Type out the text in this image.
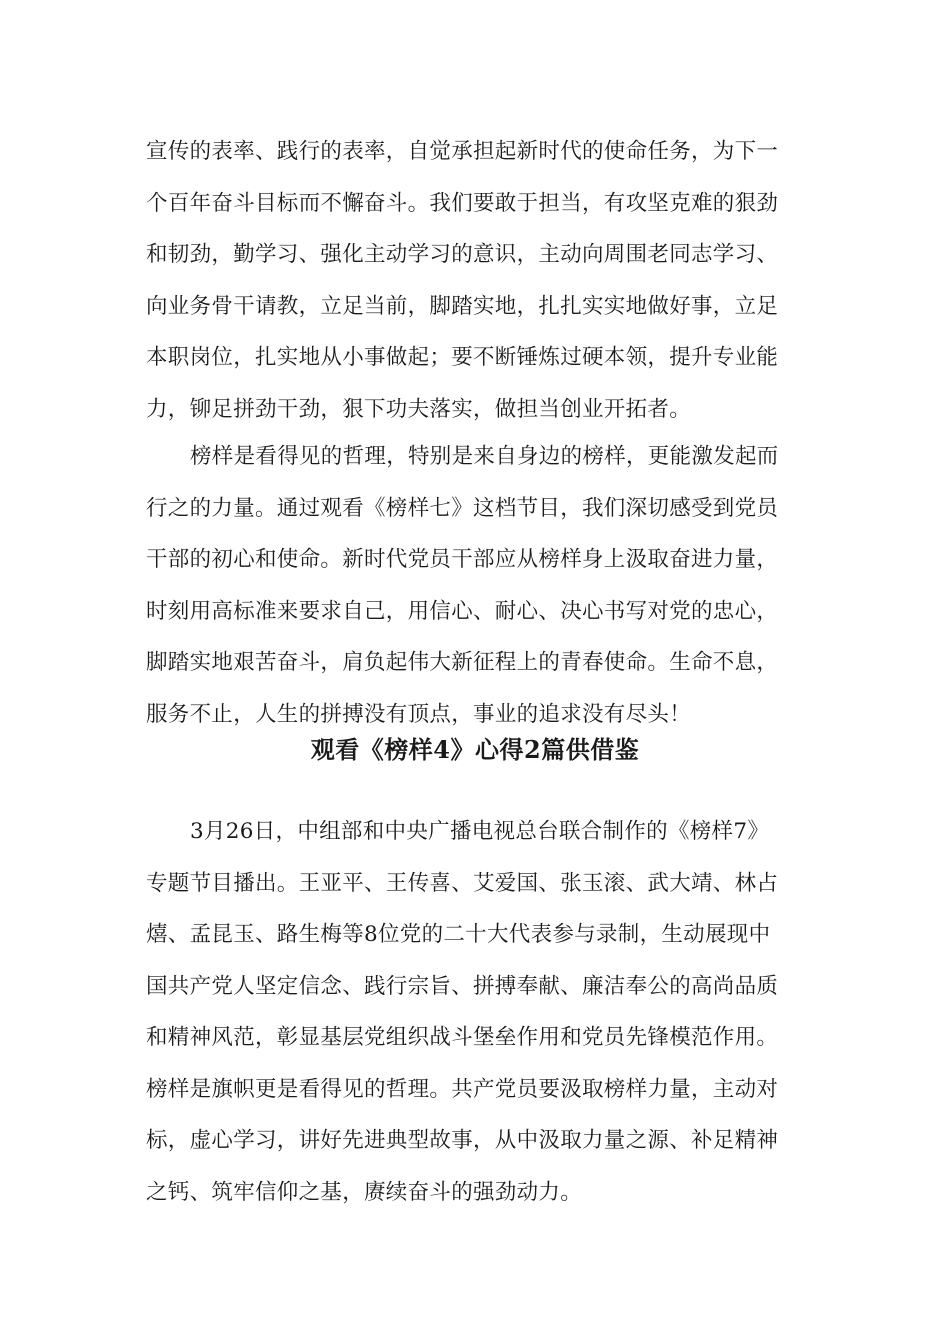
宣传的表率、践行的表率，自觉承担起新时代的使命任务，为下一
个百年奋斗目标而不懈奋斗。我们要敢于担当，有攻坚克难的狠劲
和韧劲，勤学习、强化主动学习的意识，主动向周围老同志学习、
向业务骨干请教，立足当前，脚踏实地，扎扎实实地做好事，立足
本职岗位，扎实地从小事做起；要不断锤炼过硬本领，提升专业能
力，铆足拼劲干劲，狠下功夫落实，做担当创业开拓者。
榜样是看得见的哲理，特别是来自身边的榜样，更能激发起而
行之的力量。通过观看《榜样七》这档节目，我们深切感受到党员
干部的初心和使命。新时代党员干部应从榜样身上汲取奋进力量，
时刻用高标准来要求自己，用信心、耐心、决心书写对党的忠心，
脚踏实地艰苦奋斗，肩负起伟大新征程上的青春使命。生命不息，
服务不止，人生的拼搏没有顶点，事业的追求没有尽头！
观看《榜样4》心得2篇供借鉴
3月26日，中组部和中央广播电视总台联合制作的《榜样7》
专题节目播出。王亚平、王传喜、艾爱国、张玉滚、武大靖、林占
熺、孟昆玉、路生梅等8位党的二十大代表参与录制，生动展现中
国共产党人坚定信念、践行宗旨、拼搏奉献、廉洁奉公的高尚品质
和精神风范，彰显基层党组织战斗堡垒作用和党员先锋模范作用。
榜样是旗帜更是看得见的哲理。共产党员要汲取榜样力量，主动对
标，虚心学习，讲好先进典型故事，从中汲取力量之源、补足精神
之钙、筑牢信仰之基，赓续奋斗的强劲动力。
